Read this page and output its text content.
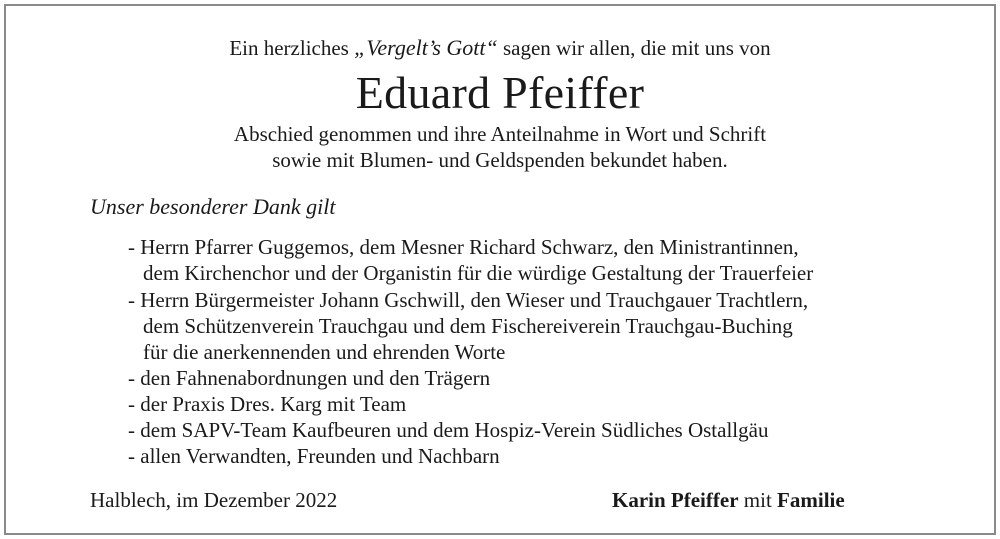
Ein herzliches „Vergelt’s Gott“ sagen wir allen, die mit uns von
Eduard Pfeiffer
Abschied genommen und ihre Anteilnahme in Wort und Schrift
sowie mit Blumen- und Geldspenden bekundet haben.
Unser besonderer Dank gilt
- Herrn Pfarrer Guggemos, dem Mesner Richard Schwarz, den Ministrantinnen,
dem Kirchenchor und der Organistin für die würdige Gestaltung der Trauerfeier
- Herrn Bürgermeister Johann Gschwill, den Wieser und Trauchgauer Trachtlern,
dem Schützenverein Trauchgau und dem Fischereiverein Trauchgau-Buching
für die anerkennenden und ehrenden Worte
- den Fahnenabordnungen und den Trägern
- der Praxis Dres. Karg mit Team
- dem SAPV-Team Kaufbeuren und dem Hospiz-Verein Südliches Ostallgäu
- allen Verwandten, Freunden und Nachbarn
Halblech, im Dezember 2022	Karin Pfeiffer mit Familie
